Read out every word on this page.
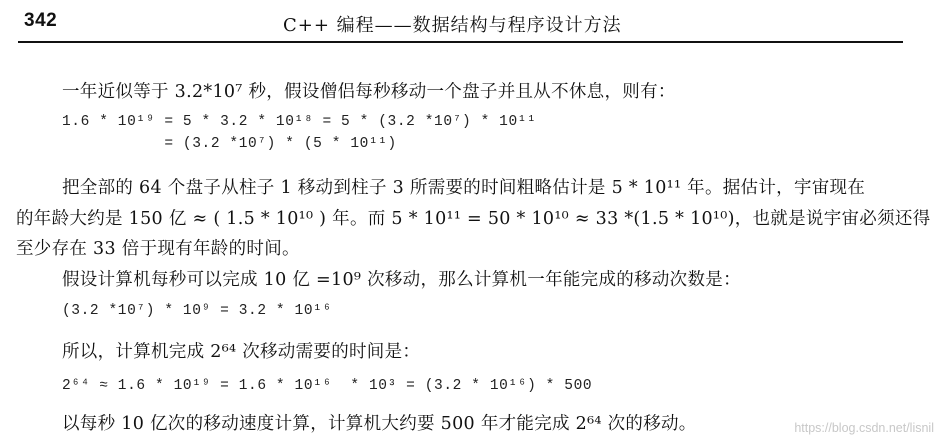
342	C++ 编程——数据结构与程序设计方法
一年近似等于 3.2*10⁷ 秒，假设僧侣每秒移动一个盘子并且从不休息，则有：
1.6 * 10¹⁹ = 5 * 3.2 * 10¹⁸ = 5 * (3.2 *10⁷) * 10¹¹
= (3.2 *10⁷) * (5 * 10¹¹)
把全部的 64 个盘子从柱子 1 移动到柱子 3 所需要的时间粗略估计是 5 * 10¹¹ 年。据估计，宇宙现在
的年龄大约是 150 亿 ≈ ( 1.5 * 10¹⁰ ) 年。而 5 * 10¹¹ = 50 * 10¹⁰ ≈ 33 *(1.5 * 10¹⁰)，也就是说宇宙必须还得
至少存在 33 倍于现有年龄的时间。
假设计算机每秒可以完成 10 亿 =10⁹ 次移动，那么计算机一年能完成的移动次数是：
(3.2 *10⁷) * 10⁹ = 3.2 * 10¹⁶
所以，计算机完成 2⁶⁴ 次移动需要的时间是：
2⁶⁴ ≈ 1.6 * 10¹⁹ = 1.6 * 10¹⁶  * 10³ = (3.2 * 10¹⁶) * 500
以每秒 10 亿次的移动速度计算，计算机大约要 500 年才能完成 2⁶⁴ 次的移动。	https://blog.csdn.net/lisnil
